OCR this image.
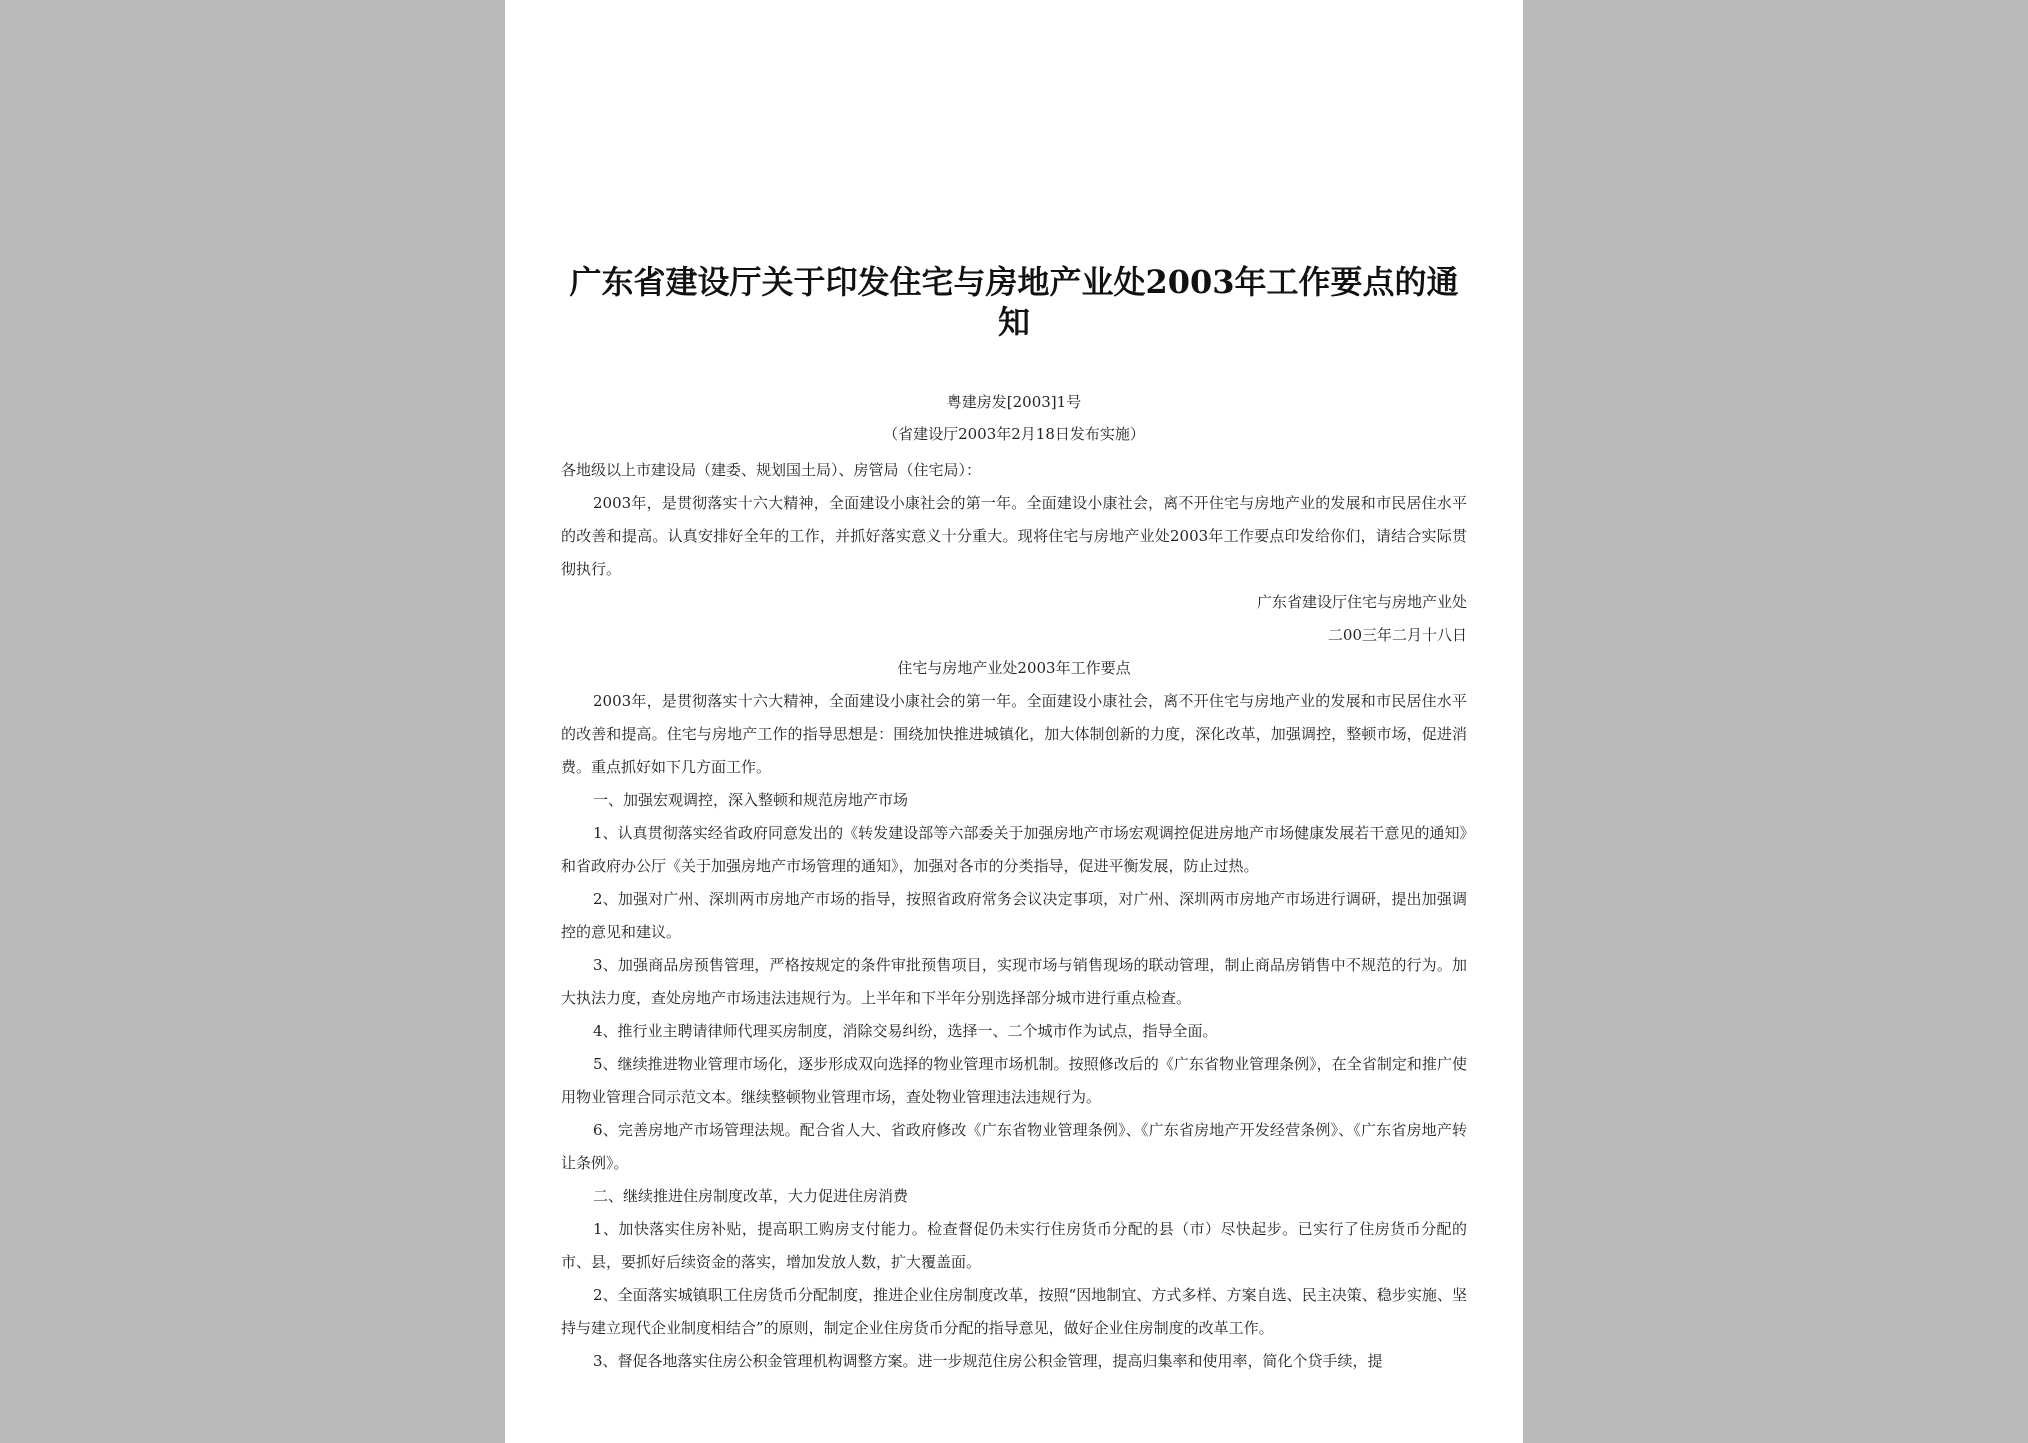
广东省建设厅关于印发住宅与房地产业处2003年工作要点的通知
粤建房发[2003]1号
（省建设厅2003年2月18日发布实施）

各地级以上市建设局（建委、规划国土局）、房管局（住宅局）：

2003年，是贯彻落实十六大精神，全面建设小康社会的第一年。全面建设小康社会，离不开住宅与房地产业的发展和市民居住水平的改善和提高。认真安排好全年的工作，并抓好落实意义十分重大。现将住宅与房地产业处2003年工作要点印发给你们，请结合实际贯彻执行。

广东省建设厅住宅与房地产业处

二00三年二月十八日

住宅与房地产业处2003年工作要点

2003年，是贯彻落实十六大精神，全面建设小康社会的第一年。全面建设小康社会，离不开住宅与房地产业的发展和市民居住水平的改善和提高。住宅与房地产工作的指导思想是：围绕加快推进城镇化，加大体制创新的力度，深化改革，加强调控，整顿市场，促进消费。重点抓好如下几方面工作。

一、加强宏观调控，深入整顿和规范房地产市场

1、认真贯彻落实经省政府同意发出的《转发建设部等六部委关于加强房地产市场宏观调控促进房地产市场健康发展若干意见的通知》和省政府办公厅《关于加强房地产市场管理的通知》，加强对各市的分类指导，促进平衡发展，防止过热。

2、加强对广州、深圳两市房地产市场的指导，按照省政府常务会议决定事项，对广州、深圳两市房地产市场进行调研，提出加强调控的意见和建议。

3、加强商品房预售管理，严格按规定的条件审批预售项目，实现市场与销售现场的联动管理，制止商品房销售中不规范的行为。加大执法力度，查处房地产市场违法违规行为。上半年和下半年分别选择部分城市进行重点检查。

4、推行业主聘请律师代理买房制度，消除交易纠纷，选择一、二个城市作为试点，指导全面。

5、继续推进物业管理市场化，逐步形成双向选择的物业管理市场机制。按照修改后的《广东省物业管理条例》，在全省制定和推广使用物业管理合同示范文本。继续整顿物业管理市场，查处物业管理违法违规行为。

6、完善房地产市场管理法规。配合省人大、省政府修改《广东省物业管理条例》、《广东省房地产开发经营条例》、《广东省房地产转让条例》。

二、继续推进住房制度改革，大力促进住房消费

1、加快落实住房补贴，提高职工购房支付能力。检查督促仍未实行住房货币分配的县（市）尽快起步。已实行了住房货币分配的市、县，要抓好后续资金的落实，增加发放人数，扩大覆盖面。

2、全面落实城镇职工住房货币分配制度，推进企业住房制度改革，按照“因地制宜、方式多样、方案自选、民主决策、稳步实施、坚持与建立现代企业制度相结合”的原则，制定企业住房货币分配的指导意见，做好企业住房制度的改革工作。

3、督促各地落实住房公积金管理机构调整方案。进一步规范住房公积金管理，提高归集率和使用率，简化个贷手续，提
